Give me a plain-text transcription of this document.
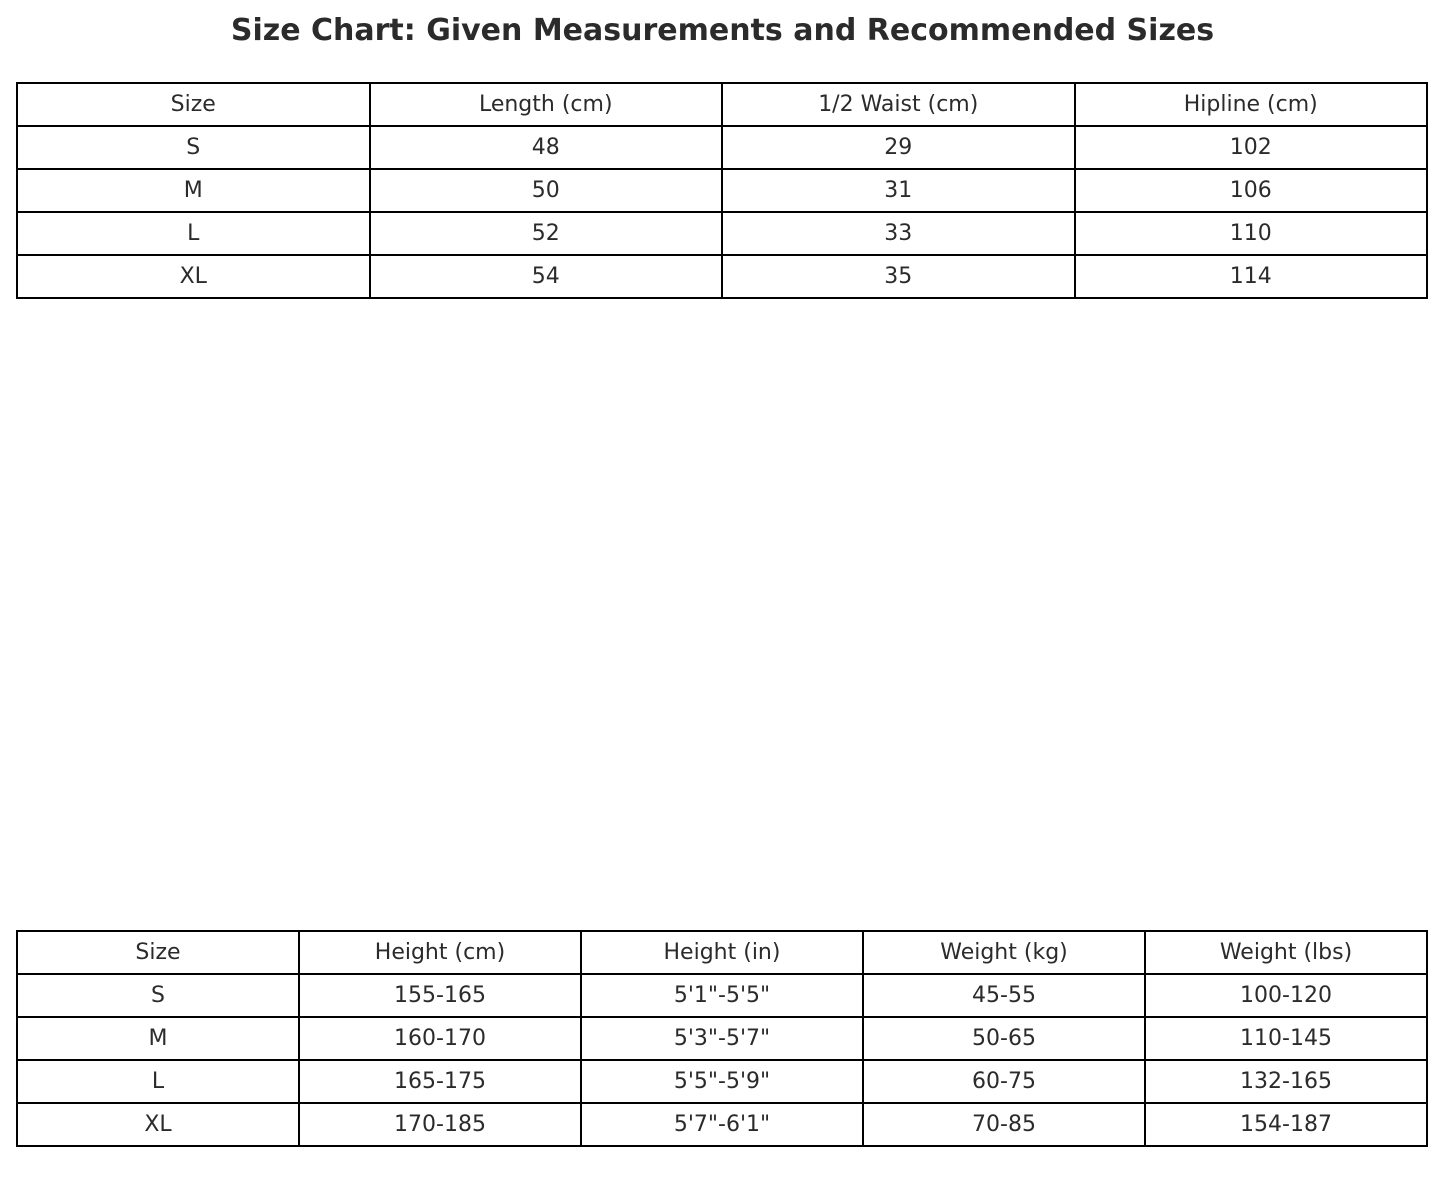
Size Chart: Given Measurements and Recommended Sizes
Size	Length (cm)	1/2 Waist (cm)	Hipline (cm)
S	48	29	102
M	50	31	106
L	52	33	110
XL	54	35	114
Size	Height (cm)	Height (in)	Weight (kg)	Weight (lbs)
S	155-165	5'1"-5'5"	45-55	100-120
M	160-170	5'3"-5'7"	50-65	110-145
L	165-175	5'5"-5'9"	60-75	132-165
XL	170-185	5'7"-6'1"	70-85	154-187
